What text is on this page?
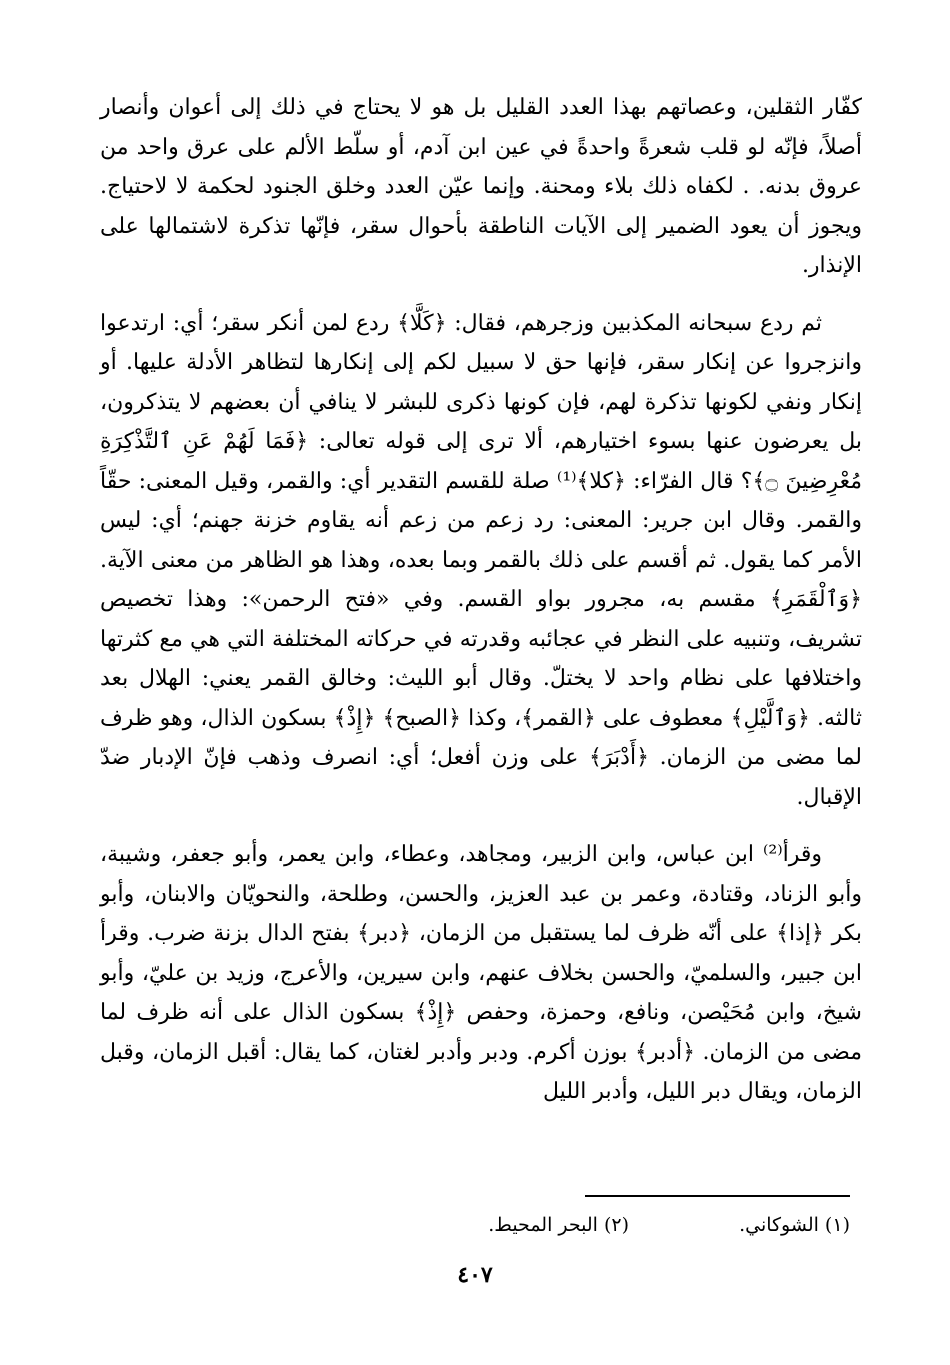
كفّار الثقلين، وعصاتهم بهذا العدد القليل بل هو لا يحتاج في ذلك إلى أعوان وأنصار أصلاً، فإنّه لو قلب شعرةً واحدةً في عين ابن آدم، أو سلّط الألم على عرق واحد من عروق بدنه. . لكفاه ذلك بلاء ومحنة. وإنما عيّن العدد وخلق الجنود لحكمة لا لاحتياج. ويجوز أن يعود الضمير إلى الآيات الناطقة بأحوال سقر، فإنّها تذكرة لاشتمالها على الإنذار.

ثم ردع سبحانه المكذبين وزجرهم، فقال: ﴿كَلَّا﴾ ردع لمن أنكر سقر؛ أي: ارتدعوا وانزجروا عن إنكار سقر، فإنها حق لا سبيل لكم إلى إنكارها لتظاهر الأدلة عليها. أو إنكار ونفي لكونها تذكرة لهم، فإن كونها ذكرى للبشر لا ينافي أن بعضهم لا يتذكرون، بل يعرضون عنها بسوء اختيارهم، ألا ترى إلى قوله تعالى: ﴿فَمَا لَهُمْ عَنِ ٱلتَّذْكِرَةِ مُعْرِضِينَ ۝﴾؟ قال الفرّاء: ﴿كلا﴾⁽¹⁾ صلة للقسم التقدير أي: والقمر، وقيل المعنى: حقّاً والقمر. وقال ابن جرير: المعنى: رد زعم من زعم أنه يقاوم خزنة جهنم؛ أي: ليس الأمر كما يقول. ثم أقسم على ذلك بالقمر وبما بعده، وهذا هو الظاهر من معنى الآية. ﴿وَٱلْقَمَرِ﴾ مقسم به، مجرور بواو القسم. وفي «فتح الرحمن»: وهذا تخصيص تشريف، وتنبيه على النظر في عجائبه وقدرته في حركاته المختلفة التي هي مع كثرتها واختلافها على نظام واحد لا يختلّ. وقال أبو الليث: وخالق القمر يعني: الهلال بعد ثالثه. ﴿وَٱلَّيْلِ﴾ معطوف على ﴿القمر﴾، وكذا ﴿الصبح﴾ ﴿إِذْ﴾ بسكون الذال، وهو ظرف لما مضى من الزمان. ﴿أَدْبَرَ﴾ على وزن أفعل؛ أي: انصرف وذهب فإنّ الإدبار ضدّ الإقبال.

وقرأ⁽²⁾ ابن عباس، وابن الزبير، ومجاهد، وعطاء، وابن يعمر، وأبو جعفر، وشيبة، وأبو الزناد، وقتادة، وعمر بن عبد العزيز، والحسن، وطلحة، والنحويّان والابنان، وأبو بكر ﴿إذا﴾ على أنّه ظرف لما يستقبل من الزمان، ﴿دبر﴾ بفتح الدال بزنة ضرب. وقرأ ابن جبير، والسلميّ، والحسن بخلاف عنهم، وابن سيرين، والأعرج، وزيد بن عليّ، وأبو شيخ، وابن مُحَيْصن، ونافع، وحمزة، وحفص ﴿إِذْ﴾ بسكون الذال على أنه ظرف لما مضى من الزمان. ﴿أدبر﴾ بوزن أكرم. ودبر وأدبر لغتان، كما يقال: أقبل الزمان، وقبل الزمان، ويقال دبر الليل، وأدبر الليل

(١) الشوكاني.
(٢) البحر المحيط.
٤٠٧
